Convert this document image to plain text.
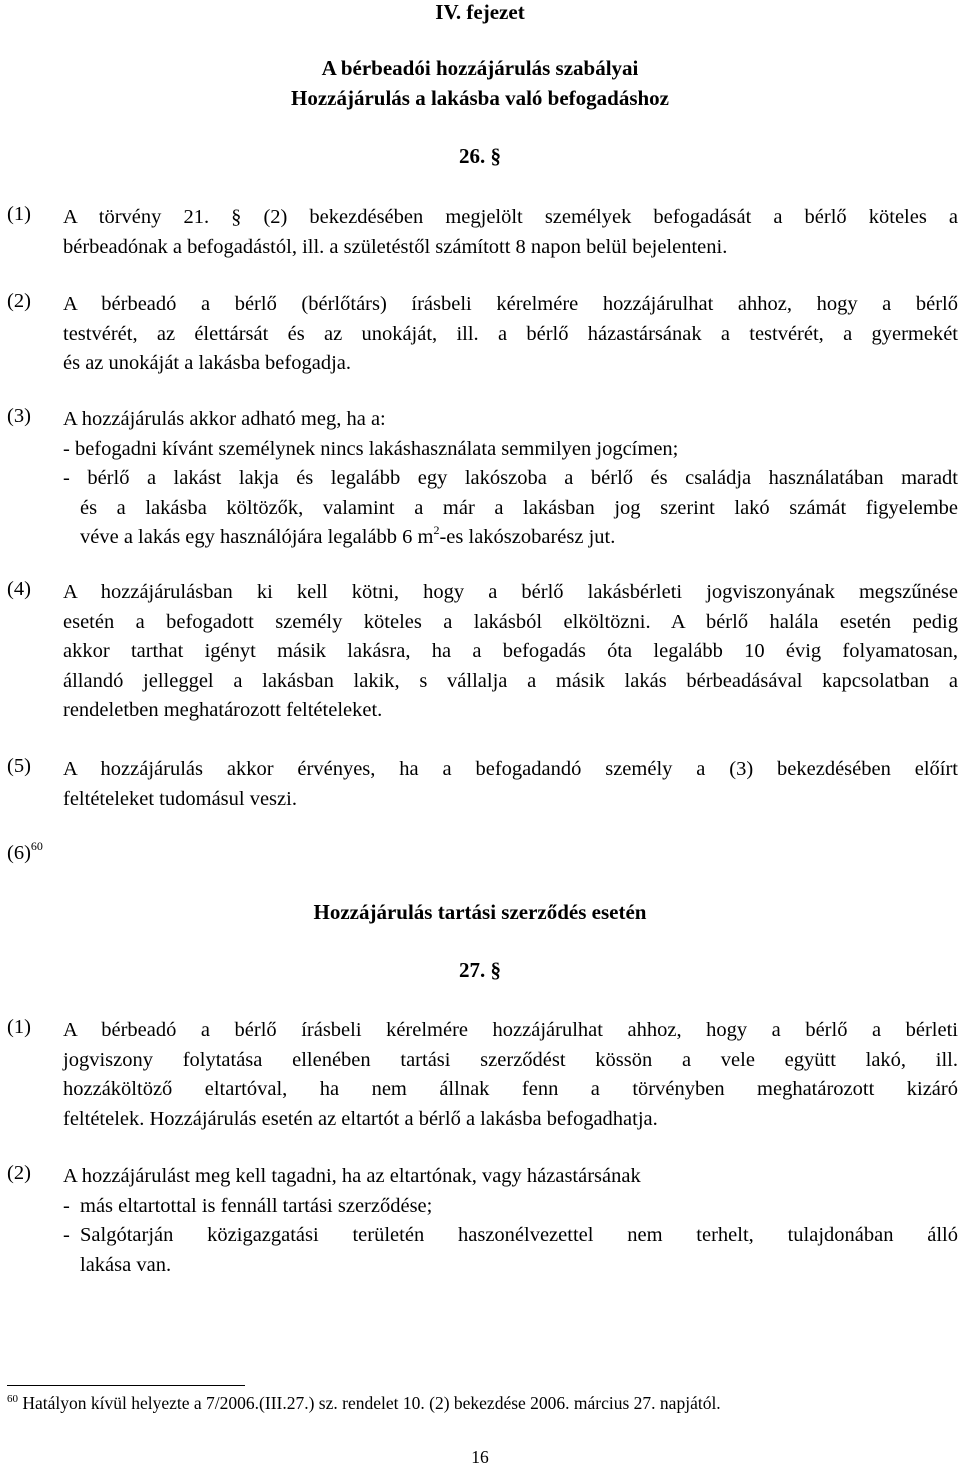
IV. fejezet
A bérbeadói hozzájárulás szabályai
Hozzájárulás a lakásba való befogadáshoz
26. §
(1) A törvény 21. § (2) bekezdésében megjelölt személyek befogadását a bérlő köteles a
bérbeadónak a befogadástól, ill. a születéstől számított 8 napon belül bejelenteni.
(2) A bérbeadó a bérlő (bérlőtárs) írásbeli kérelmére hozzájárulhat ahhoz, hogy a bérlő
testvérét, az élettársát és az unokáját, ill. a bérlő házastársának a testvérét, a gyermekét
és az unokáját a lakásba befogadja.
(3) A hozzájárulás akkor adható meg, ha a:
- befogadni kívánt személynek nincs lakáshasználata semmilyen jogcímen;
- bérlő a lakást lakja és legalább egy lakószoba a bérlő és családja használatában maradt
és a lakásba költözők, valamint a már a lakásban jog szerint lakó számát figyelembe
véve a lakás egy használójára legalább 6 $m^2-es$ lakószobarész jut.
(4) A hozzájárulásban ki kell kötni, hogy a bérlő lakásbérleti jogviszonyának megszűnése
esetén a befogadott személy köteles a lakásból elköltözni. A bérlő halála esetén pedig
akkor tarthat igényt másik lakásra, ha a befogadás óta legalább 10 évig folyamatosan,
állandó jelleggel a lakásban lakik, s vállalja a másik lakás bérbeadásával kapcsolatban a
rendeletben meghatározott feltételeket.
(5) A hozzájárulás akkor érvényes, ha a befogadandó személy a (3) bekezdésében előírt
feltételeket tudomásul veszi.
$(6)^{60}$
Hozzájárulás tartási szerződés esetén
27. §
(1) A bérbeadó a bérlő írásbeli kérelmére hozzájárulhat ahhoz, hogy a bérlő a bérleti
jogviszony folytatása ellenében tartási szerződést kössön a vele együtt lakó, ill.
hozzáköltöző eltartóval, ha nem állnak fenn a törvényben meghatározott kizáró
feltételek. Hozzájárulás esetén az eltartót a bérlő a lakásba befogadhatja.
(2) A hozzájárulást meg kell tagadni, ha az eltartónak, vagy házastársának
- más eltartottal is fennáll tartási szerződése;
- Salgótarján közigazgatási területén haszonélvezettel nem terhelt, tulajdonában álló
lakása van.
$^{60}$ Hatályon kívül helyezte a 7/2006.(III.27.) sz. rendelet 10. (2) bekezdése 2006. március 27. napjától.
16
